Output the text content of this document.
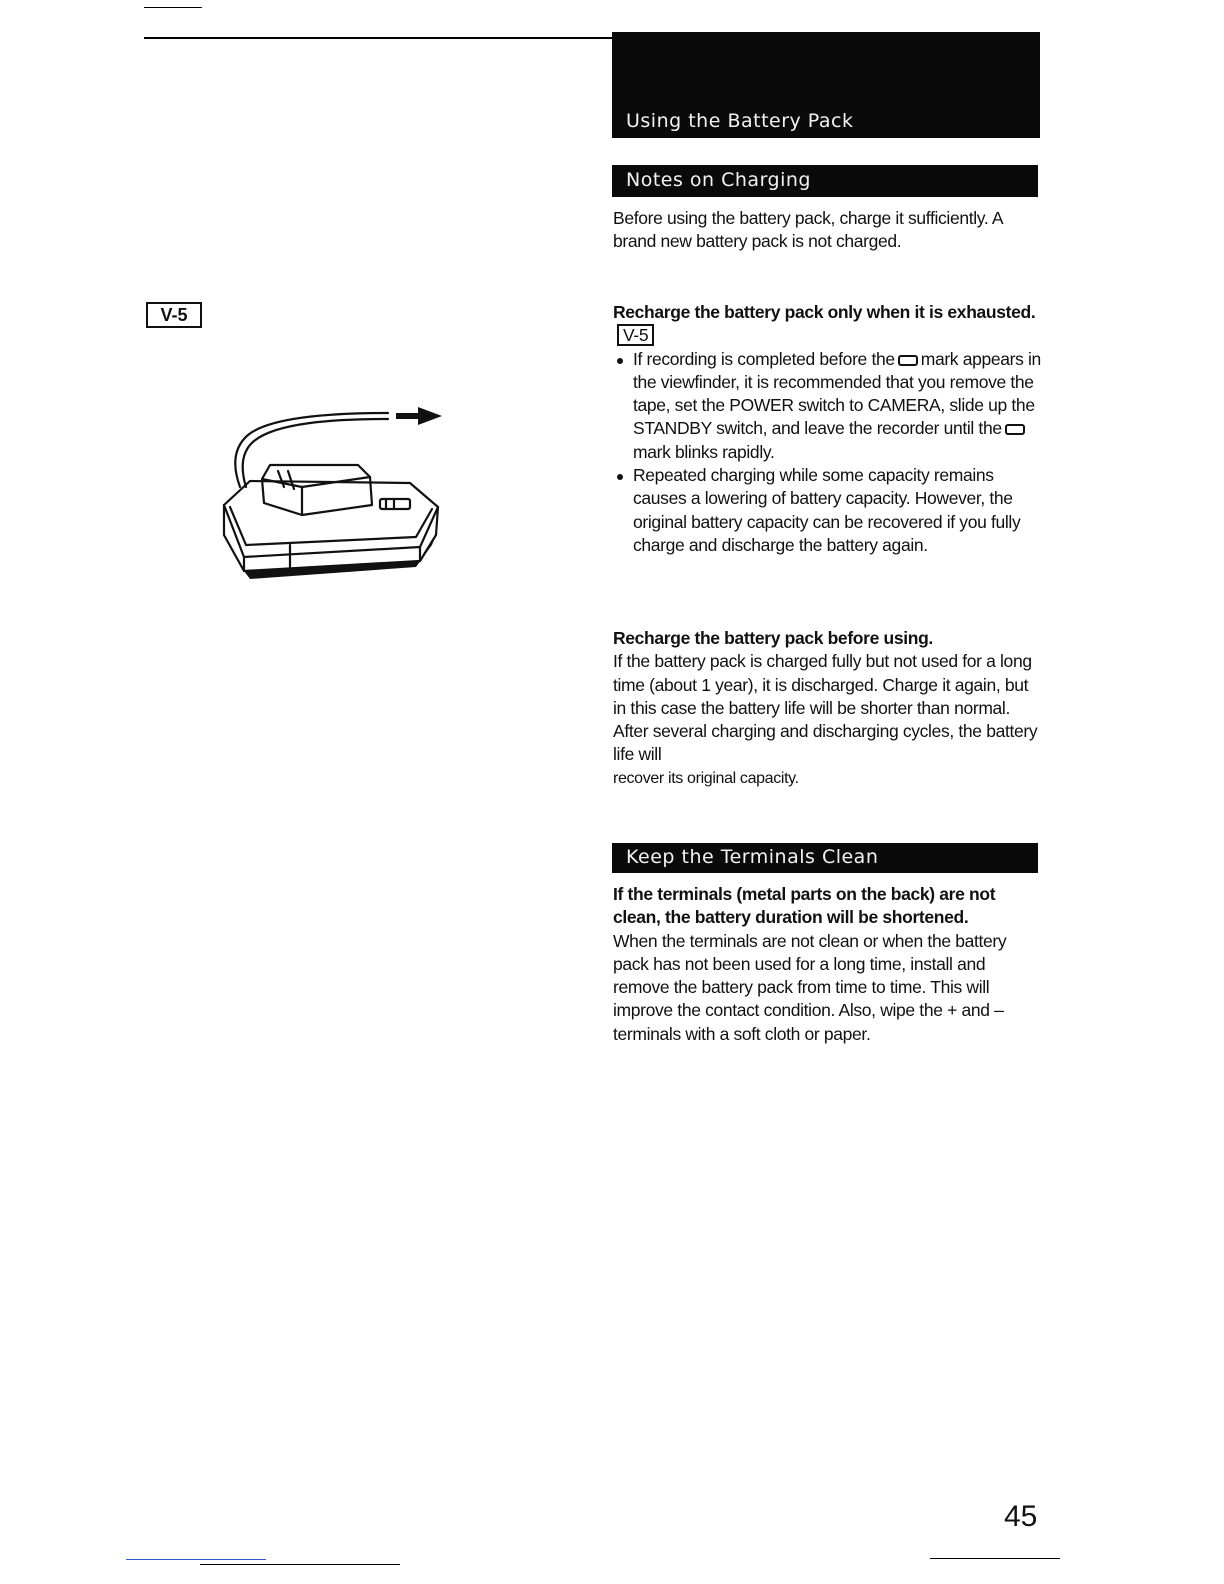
Using the Battery Pack
V-5
Notes on Charging

Before using the battery pack, charge it sufficiently. A brand new battery pack is not charged.

Recharge the battery pack only when it is exhausted. V-5

If recording is completed before the mark appears in the viewfinder, it is recommended that you remove the tape, set the POWER switch to CAMERA, slide up the STANDBY switch, and leave the recorder until themark blinks rapidly.
Repeated charging while some capacity remains causes a lowering of battery capacity. However, the original battery capacity can be recovered if you fully charge and discharge the battery again.

Recharge the battery pack before using.

If the battery pack is charged fully but not used for a long time (about 1 year), it is discharged. Charge it again, but in this case the battery life will be shorter than normal. After several charging and discharging cycles, the battery life will

recover its original capacity.

Keep the Terminals Clean

If the terminals (metal parts on the back) are not clean, the battery duration will be shortened.

When the terminals are not clean or when the battery pack has not been used for a long time, install and remove the battery pack from time to time. This will improve the contact condition. Also, wipe the + and – terminals with a soft cloth or paper.

45
